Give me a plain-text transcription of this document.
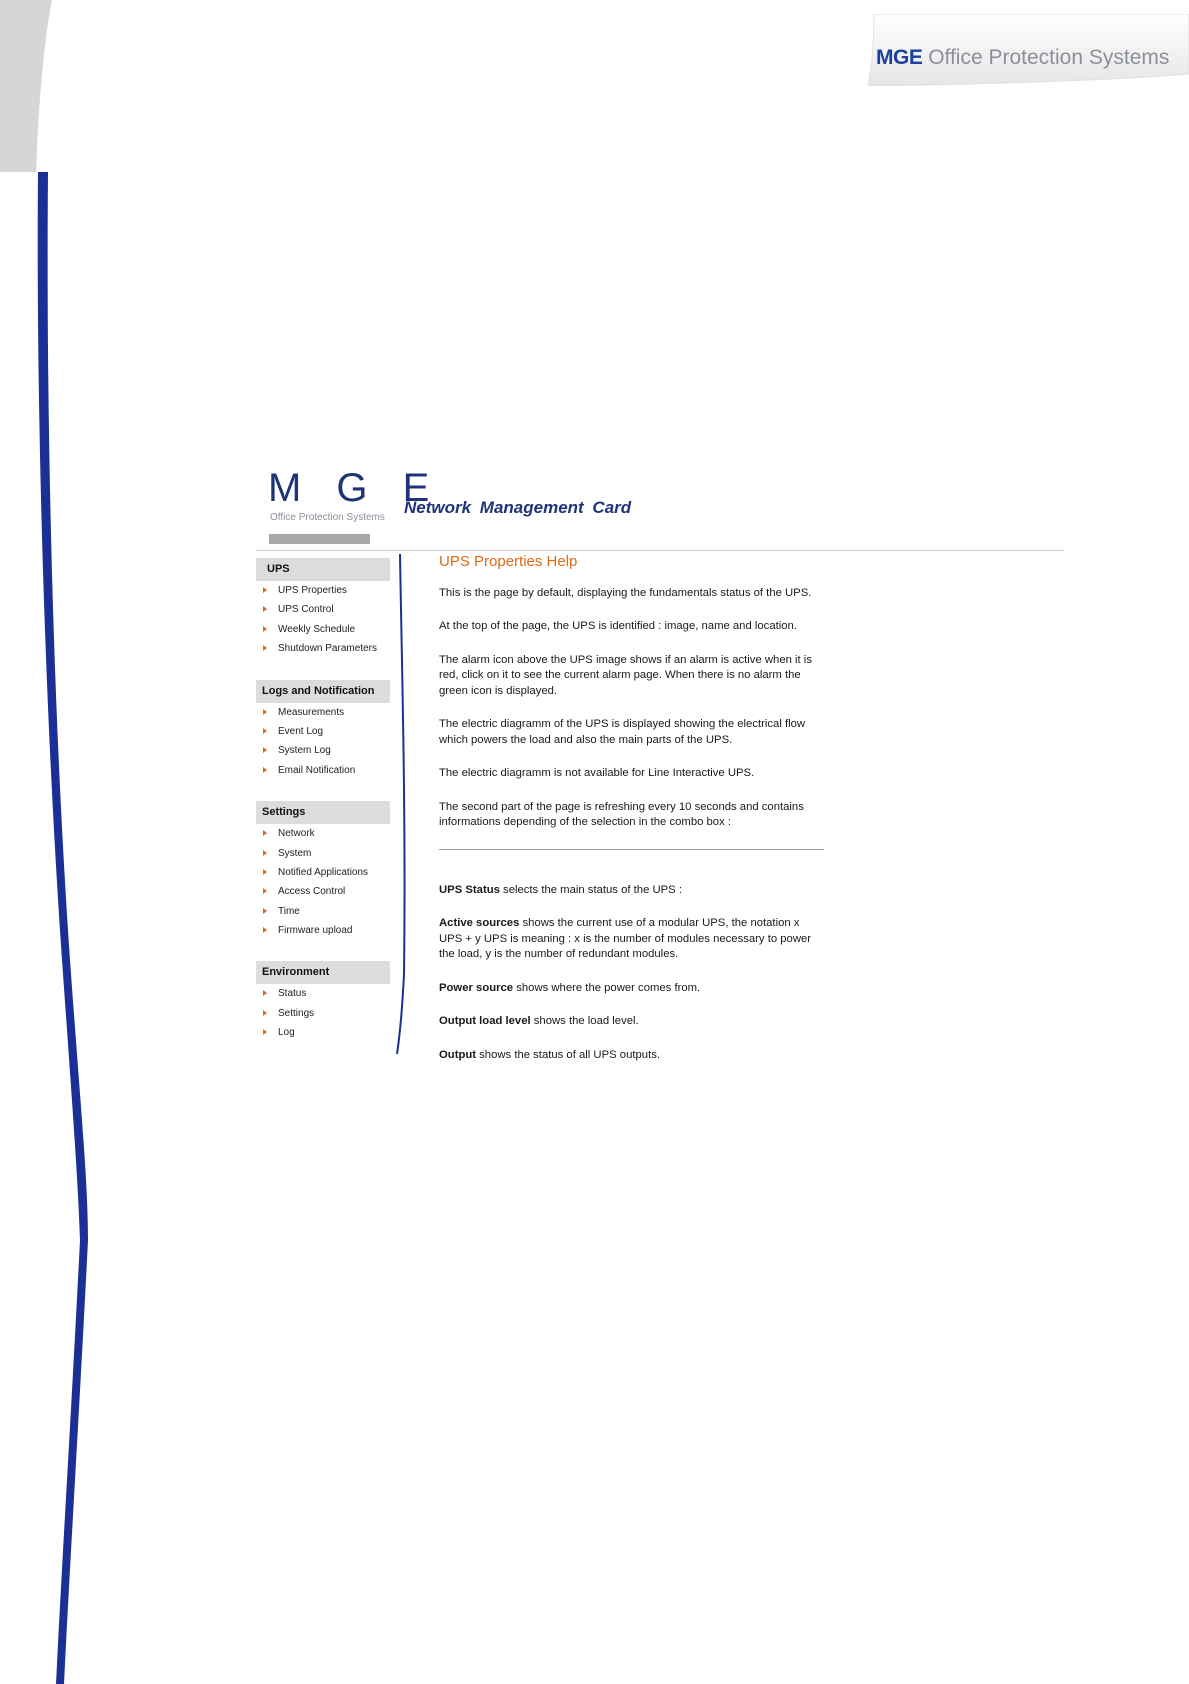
MGE Office Protection Systems
M G E
Office Protection Systems
Network Management Card
UPS
UPS Properties
UPS Control
Weekly Schedule
Shutdown Parameters
Logs and Notification
Measurements
Event Log
System Log
Email Notification
Settings
Network
System
Notified Applications
Access Control
Time
Firmware upload
Environment
Status
Settings
Log
UPS Properties Help

This is the page by default, displaying the fundamentals status of the UPS.

At the top of the page, the UPS is identified : image, name and location.

The alarm icon above the UPS image shows if an alarm is active when it is red, click on it to see the current alarm page. When there is no alarm the green icon is displayed.

The electric diagramm of the UPS is displayed showing the electrical flow which powers the load and also the main parts of the UPS.

The electric diagramm is not available for Line Interactive UPS.

The second part of the page is refreshing every 10 seconds and contains informations depending of the selection in the combo box :

UPS Status selects the main status of the UPS :

Active sources shows the current use of a modular UPS, the notation x UPS + y UPS is meaning : x is the number of modules necessary to power the load, y is the number of redundant modules.

Power source shows where the power comes from.

Output load level shows the load level.

Output shows the status of all UPS outputs.
